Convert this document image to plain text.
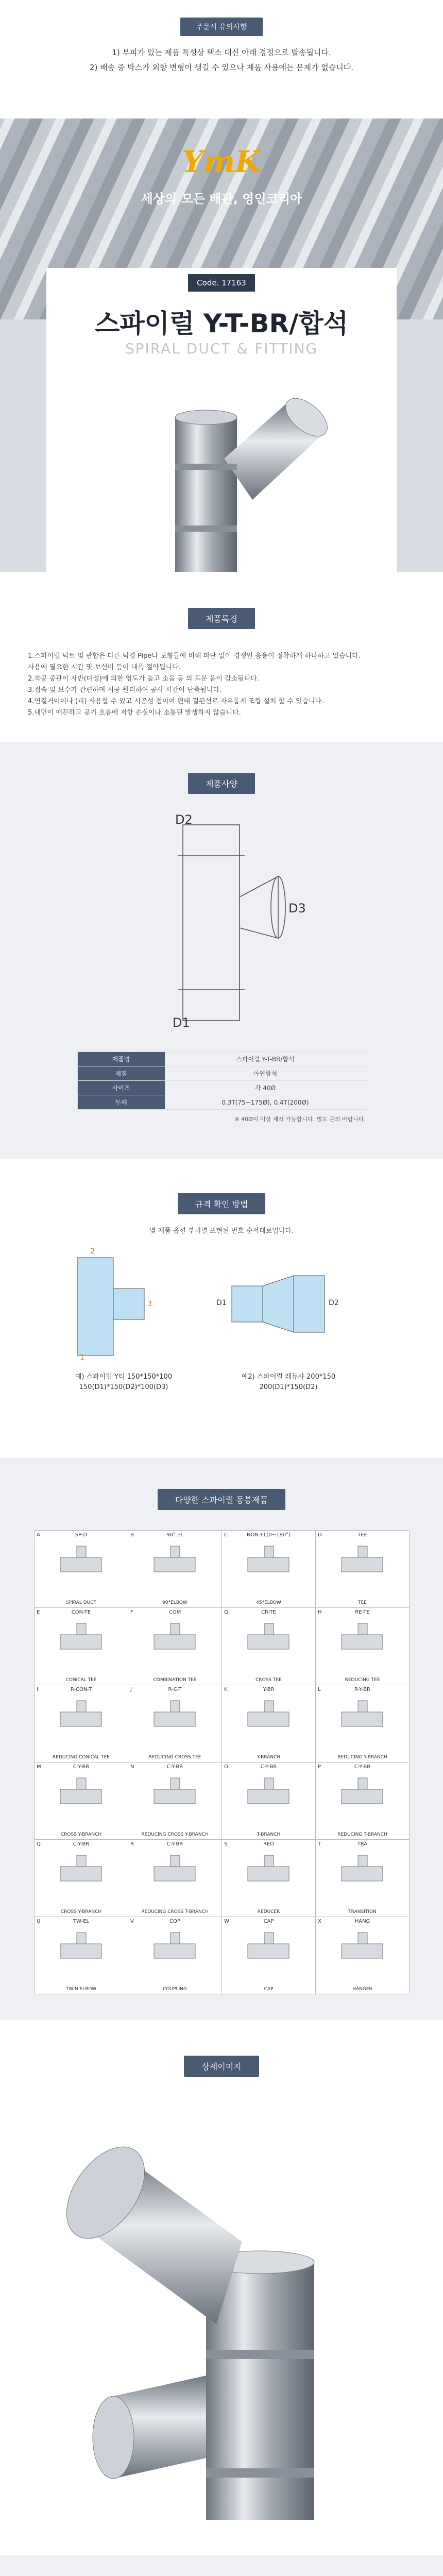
주문시 유의사항

1) 부피가 있는 제품 특성상 택소 대신 아래 경정으로 발송됩니다.

2) 배송 중 박스가 외향 변형이 생길 수 있으나 제품 사용에는 문제가 없습니다.

YmK
세상의 모든 배관, 영인코리아
Code. 17163
스파이럴 Y-T-BR/합석
SPIRAL DUCT & FITTING
제품특징
1.스파이럴 덕트 및 관합은 다른 덕경 Pipe나 보형들에 비해 파단 없이 경쟁인 응용이 정확하게 하나하고 있습니다.
사용에 필요한 시간 및 보선비 등이 대폭 절약됩니다.
2.착공 중관이 자반(다성)에 의한 영도가 높고 소음 등 의 드문 음이 감소됩니다.
3.접속 및 보수가 간편하며 시공 원리하여 공사 시간이 단축됩니다.
4.연결거이어나 (피) 사용할 수 있고 시공성 점이여 편태 결된선로 자유롭게 조립 설치 할 수 있습니다.
5.내면이 매끈하고 공기 흐름에 저항 손실이나 소통된 발생하지 않습니다.
제품사양
D2
D3
D1
제품명	스파이럴 Y-T-BR/합석
재질	아연함석
사이즈	각 40Ø
두께	0.3T(75~175Ø), 0.4T(200Ø)
※ 40Ø이 미상 제작 가능합니다. 별도 문의 바랍니다.
규격 확인 방법
몇 재품 옵션 부위별 표현된 번호 순서대로입니다.
2
1
3	D1	D2
예) 스파이럴 Y티 150*150*100
150(D1)*150(D2)*100(D3)
예2) 스파이럴 레듀샤 200*150
200(D1)*150(D2)
다양한 스파이럴 동봉제품
A	SP-D
SPIRAL DUCT
B	90° EL
90°ELBOW
C	NON-EL(0~180°)
45°ELBOW
D	TEE
TEE
E	CON-TE
CONICAL TEE
F	COM
COMBINATION TEE
G	CR-TE
CROSS TEE
H	RE-TE
REDUCING TEE
I	R-CON-T
REDUCING CONICAL TEE
J	R-C-T
REDUCING CROSS TEE
K	Y-BR
Y-BRANCH
L	R-Y-BR
REDUCING Y-BRANCH
M	C-Y-BR
CROSS Y-BRANCH
N	C-Y-BR
REDUCING CROSS Y-BRANCH
O	C-Y-BR
T-BRANCH
P	C-Y-BR
REDUCING T-BRANCH
Q	C-Y-BR
CROSS Y-BRANCH
R	C-Y-BR
REDUCING CROSS T-BRANCH
S	RED
REDUCER
T	TRA
TRANSITION
U	TW-EL
TWIN ELBOW
V	COP
COUPLING
W	CAP
CAP
X	HANG
HANGER
상세이미지
